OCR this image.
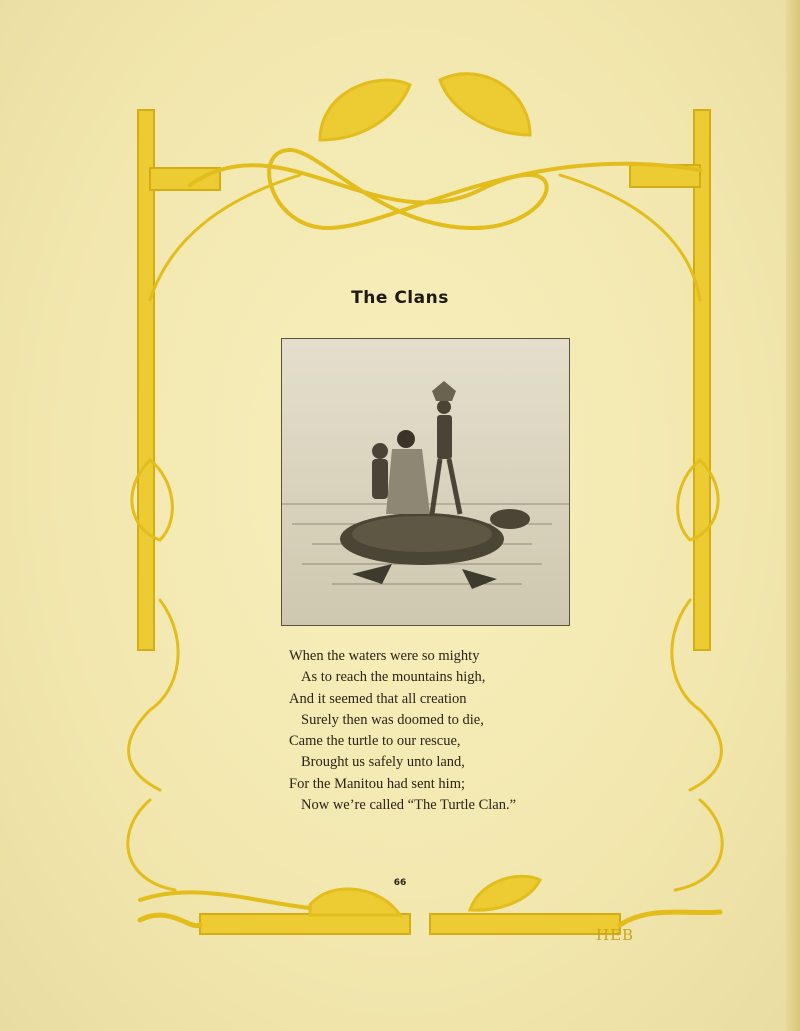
The Clans
When the waters were so mighty
As to reach the mountains high,
And it seemed that all creation
Surely then was doomed to die,
Came the turtle to our rescue,
Brought us safely unto land,
For the Manitou had sent him;
Now we’re called “The Turtle Clan.”
66
HEB
